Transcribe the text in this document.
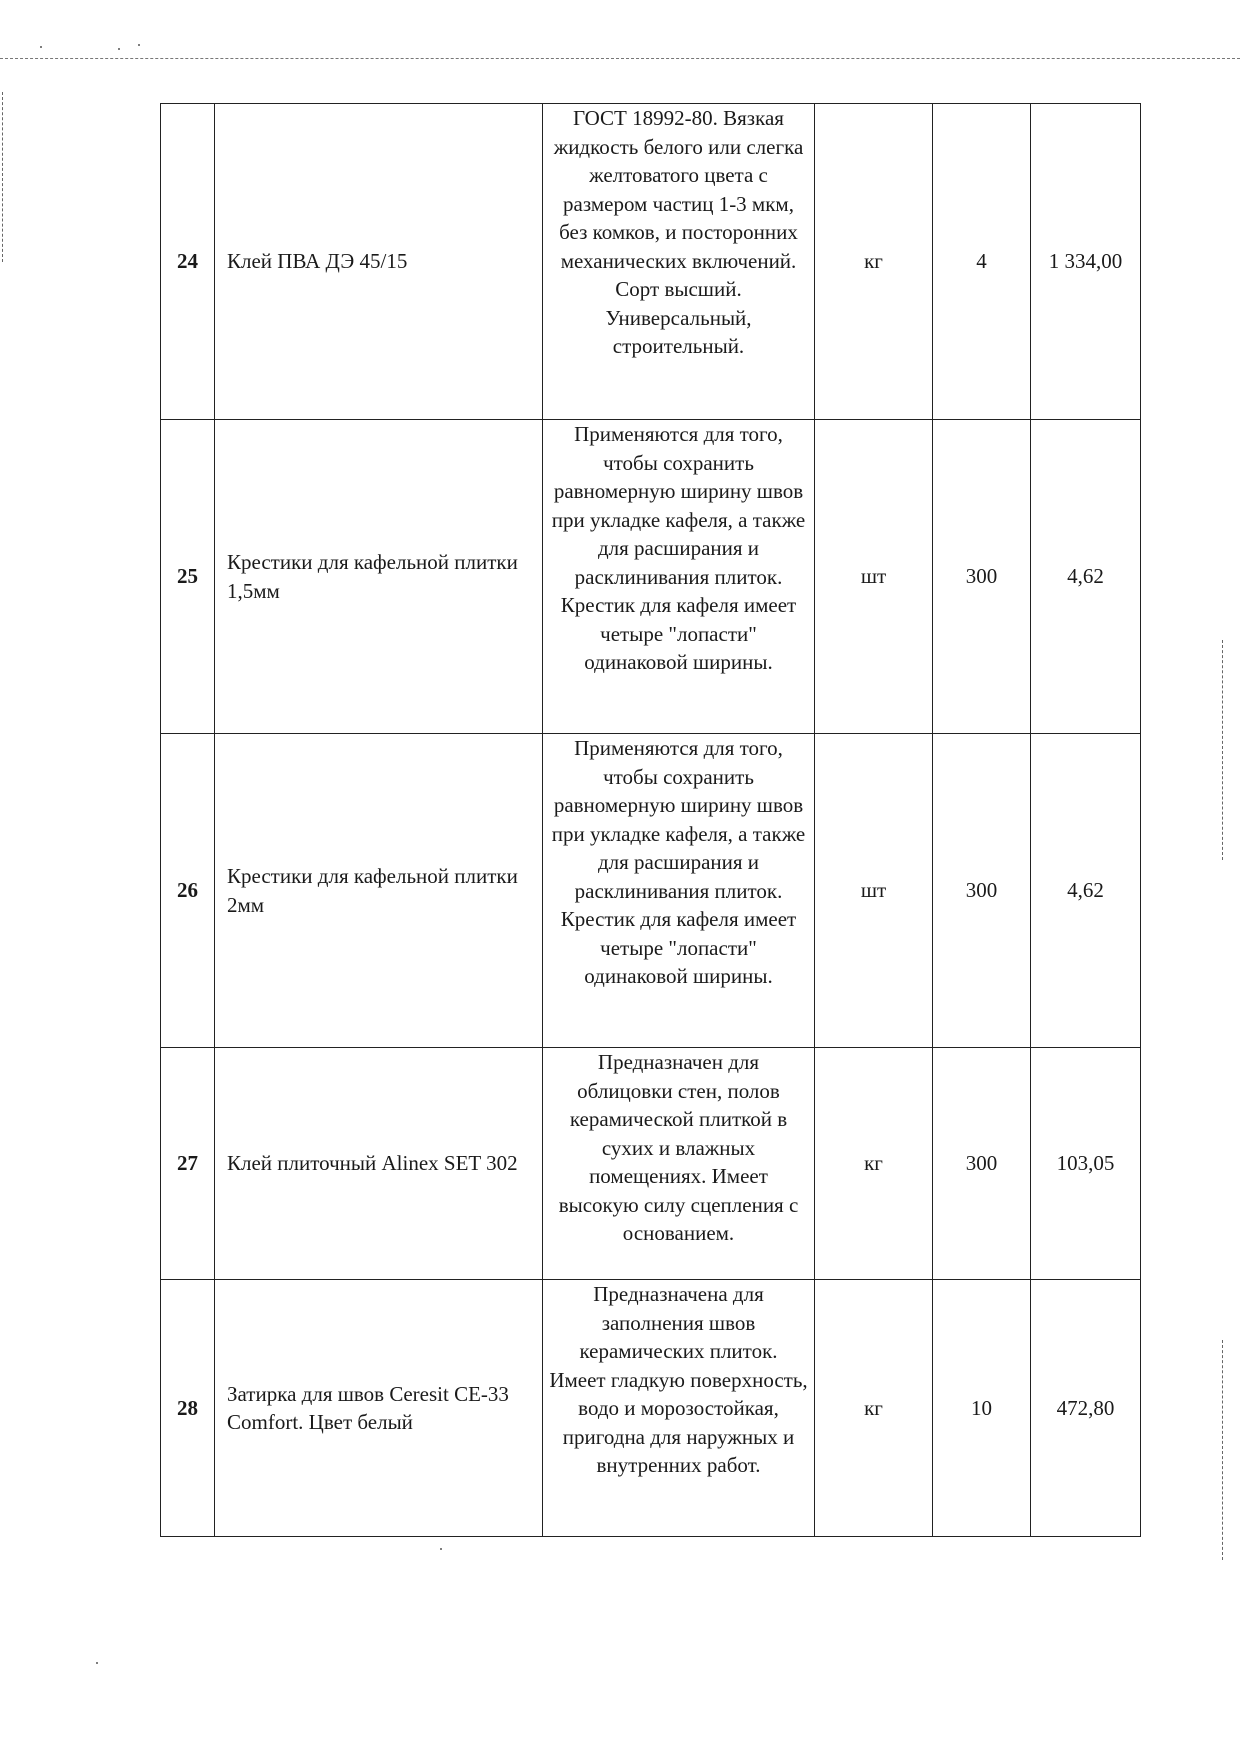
24	Клей ПВА ДЭ 45/15	ГОСТ 18992-80. Вязкая жидкость белого или слегка желтоватого цвета с размером частиц 1-3 мкм, без комков, и посторонних механических включений. Сорт высший. Универсальный, строительный.	кг	4	1 334,00
25	Крестики для кафельной плитки 1,5мм	Применяются для того, чтобы сохранить равномерную ширину швов при укладке кафеля, а также для расширания и расклинивания плиток. Крестик для кафеля имеет четыре "лопасти" одинаковой ширины.	шт	300	4,62
26	Крестики для кафельной плитки 2мм	Применяются для того, чтобы сохранить равномерную ширину швов при укладке кафеля, а также для расширания и расклинивания плиток. Крестик для кафеля имеет четыре "лопасти" одинаковой ширины.	шт	300	4,62
27	Клей плиточный Alinex SET 302	Предназначен для облицовки стен, полов керамической плиткой в сухих и влажных помещениях. Имеет высокую силу сцепления с основанием.	кг	300	103,05
28	Затирка для швов Ceresit CE-33 Comfort. Цвет белый	Предназначена для заполнения швов керамических плиток. Имеет гладкую поверхность, водо и морозостойкая, пригодна для наружных и внутренних работ.	кг	10	472,80
